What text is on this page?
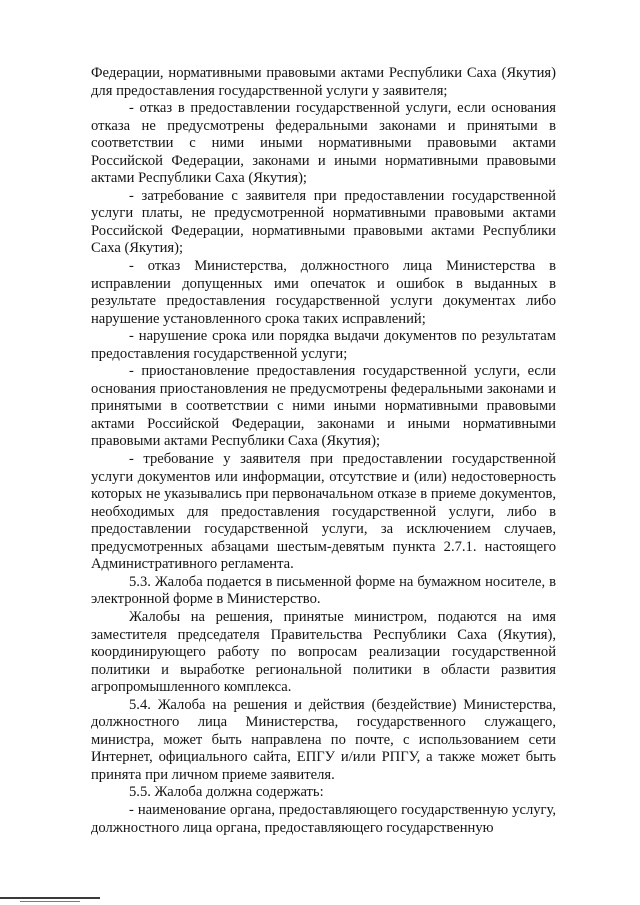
Федерации, нормативными правовыми актами Республики Саха (Якутия) для предоставления государственной услуги у заявителя;

- отказ в предоставлении государственной услуги, если основания отказа не предусмотрены федеральными законами и принятыми в соответствии с ними иными нормативными правовыми актами Российской Федерации, законами и иными нормативными правовыми актами Республики Саха (Якутия);

- затребование с заявителя при предоставлении государственной услуги платы, не предусмотренной нормативными правовыми актами Российской Федерации, нормативными правовыми актами Республики Саха (Якутия);

- отказ Министерства, должностного лица Министерства в исправлении допущенных ими опечаток и ошибок в выданных в результате предоставления государственной услуги документах либо нарушение установленного срока таких исправлений;

- нарушение срока или порядка выдачи документов по результатам предоставления государственной услуги;

- приостановление предоставления государственной услуги, если основания приостановления не предусмотрены федеральными законами и принятыми в соответствии с ними иными нормативными правовыми актами Российской Федерации, законами и иными нормативными правовыми актами Республики Саха (Якутия);

- требование у заявителя при предоставлении государственной услуги документов или информации, отсутствие и (или) недостоверность которых не указывались при первоначальном отказе в приеме документов, необходимых для предоставления государственной услуги, либо в предоставлении государственной услуги, за исключением случаев, предусмотренных абзацами шестым-девятым пункта 2.7.1. настоящего Административного регламента.

5.3. Жалоба подается в письменной форме на бумажном носителе, в электронной форме в Министерство.

Жалобы на решения, принятые министром, подаются на имя заместителя председателя Правительства Республики Саха (Якутия), координирующего работу по вопросам реализации государственной политики и выработке региональной политики в области развития агропромышленного комплекса.

5.4. Жалоба на решения и действия (бездействие) Министерства, должностного лица Министерства, государственного служащего, министра, может быть направлена по почте, с использованием сети Интернет, официального сайта, ЕПГУ и/или РПГУ, а также может быть принята при личном приеме заявителя.

5.5. Жалоба должна содержать:

- наименование органа, предоставляющего государственную услугу, должностного лица органа, предоставляющего государственную
